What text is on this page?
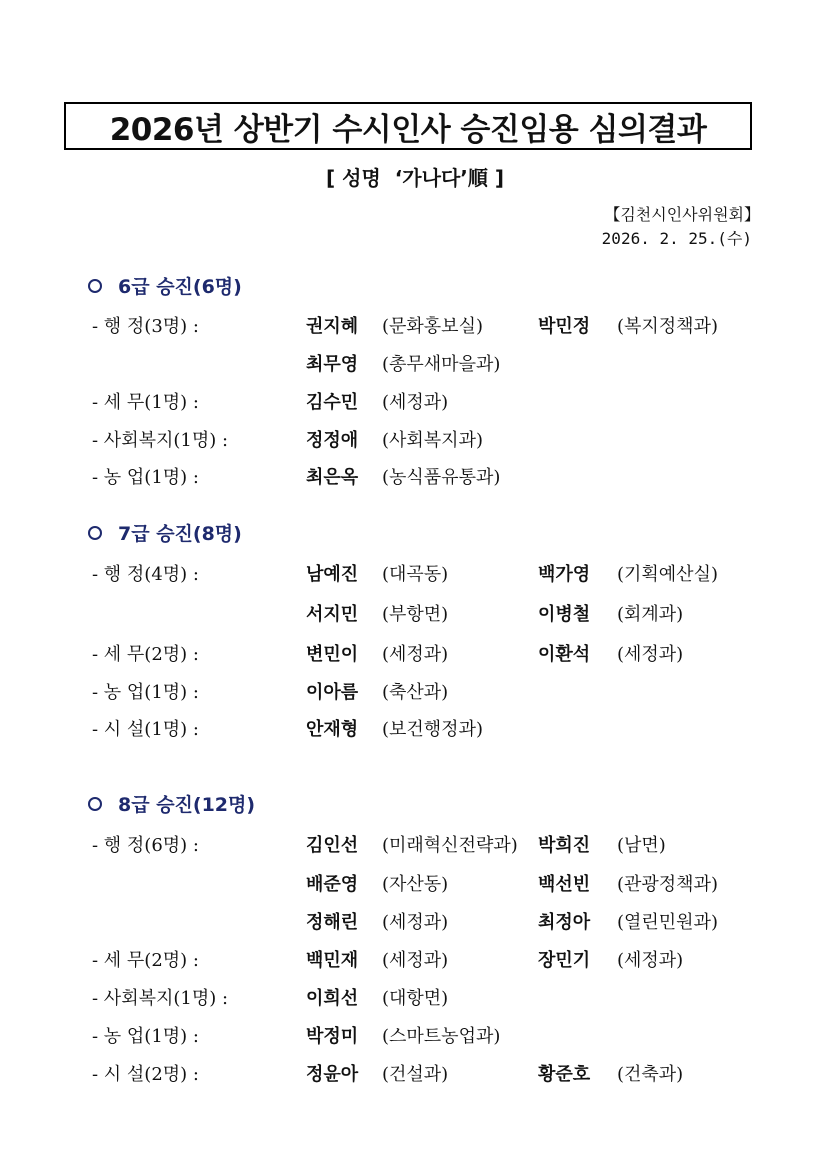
2026년 상반기 수시인사 승진임용 심의결과
[ 성명  ‘가나다’順 ]
【김천시인사위원회】
2026. 2. 25.(수)
6급 승진(6명)
- 행 정(3명) :	권지혜 (문화홍보실)	박민정 (복지정책과)
최무영 (총무새마을과)
- 세 무(1명) :	김수민 (세정과)
- 사회복지(1명) :	정정애 (사회복지과)
- 농 업(1명) :	최은옥 (농식품유통과)
7급 승진(8명)
- 행 정(4명) :	남예진 (대곡동)	백가영 (기획예산실)
서지민 (부항면)	이병철 (회계과)
- 세 무(2명) :	변민이 (세정과)	이환석 (세정과)
- 농 업(1명) :	이아름 (축산과)
- 시 설(1명) :	안재형 (보건행정과)
8급 승진(12명)
- 행 정(6명) :	김인선 (미래혁신전략과) 박희진 (남면)
배준영 (자산동)	백선빈 (관광정책과)
정해린 (세정과)	최정아 (열린민원과)
- 세 무(2명) :	백민재 (세정과)	장민기 (세정과)
- 사회복지(1명) :	이희선 (대항면)
- 농 업(1명) :	박정미 (스마트농업과)
- 시 설(2명) :	정윤아 (건설과)	황준호 (건축과)
